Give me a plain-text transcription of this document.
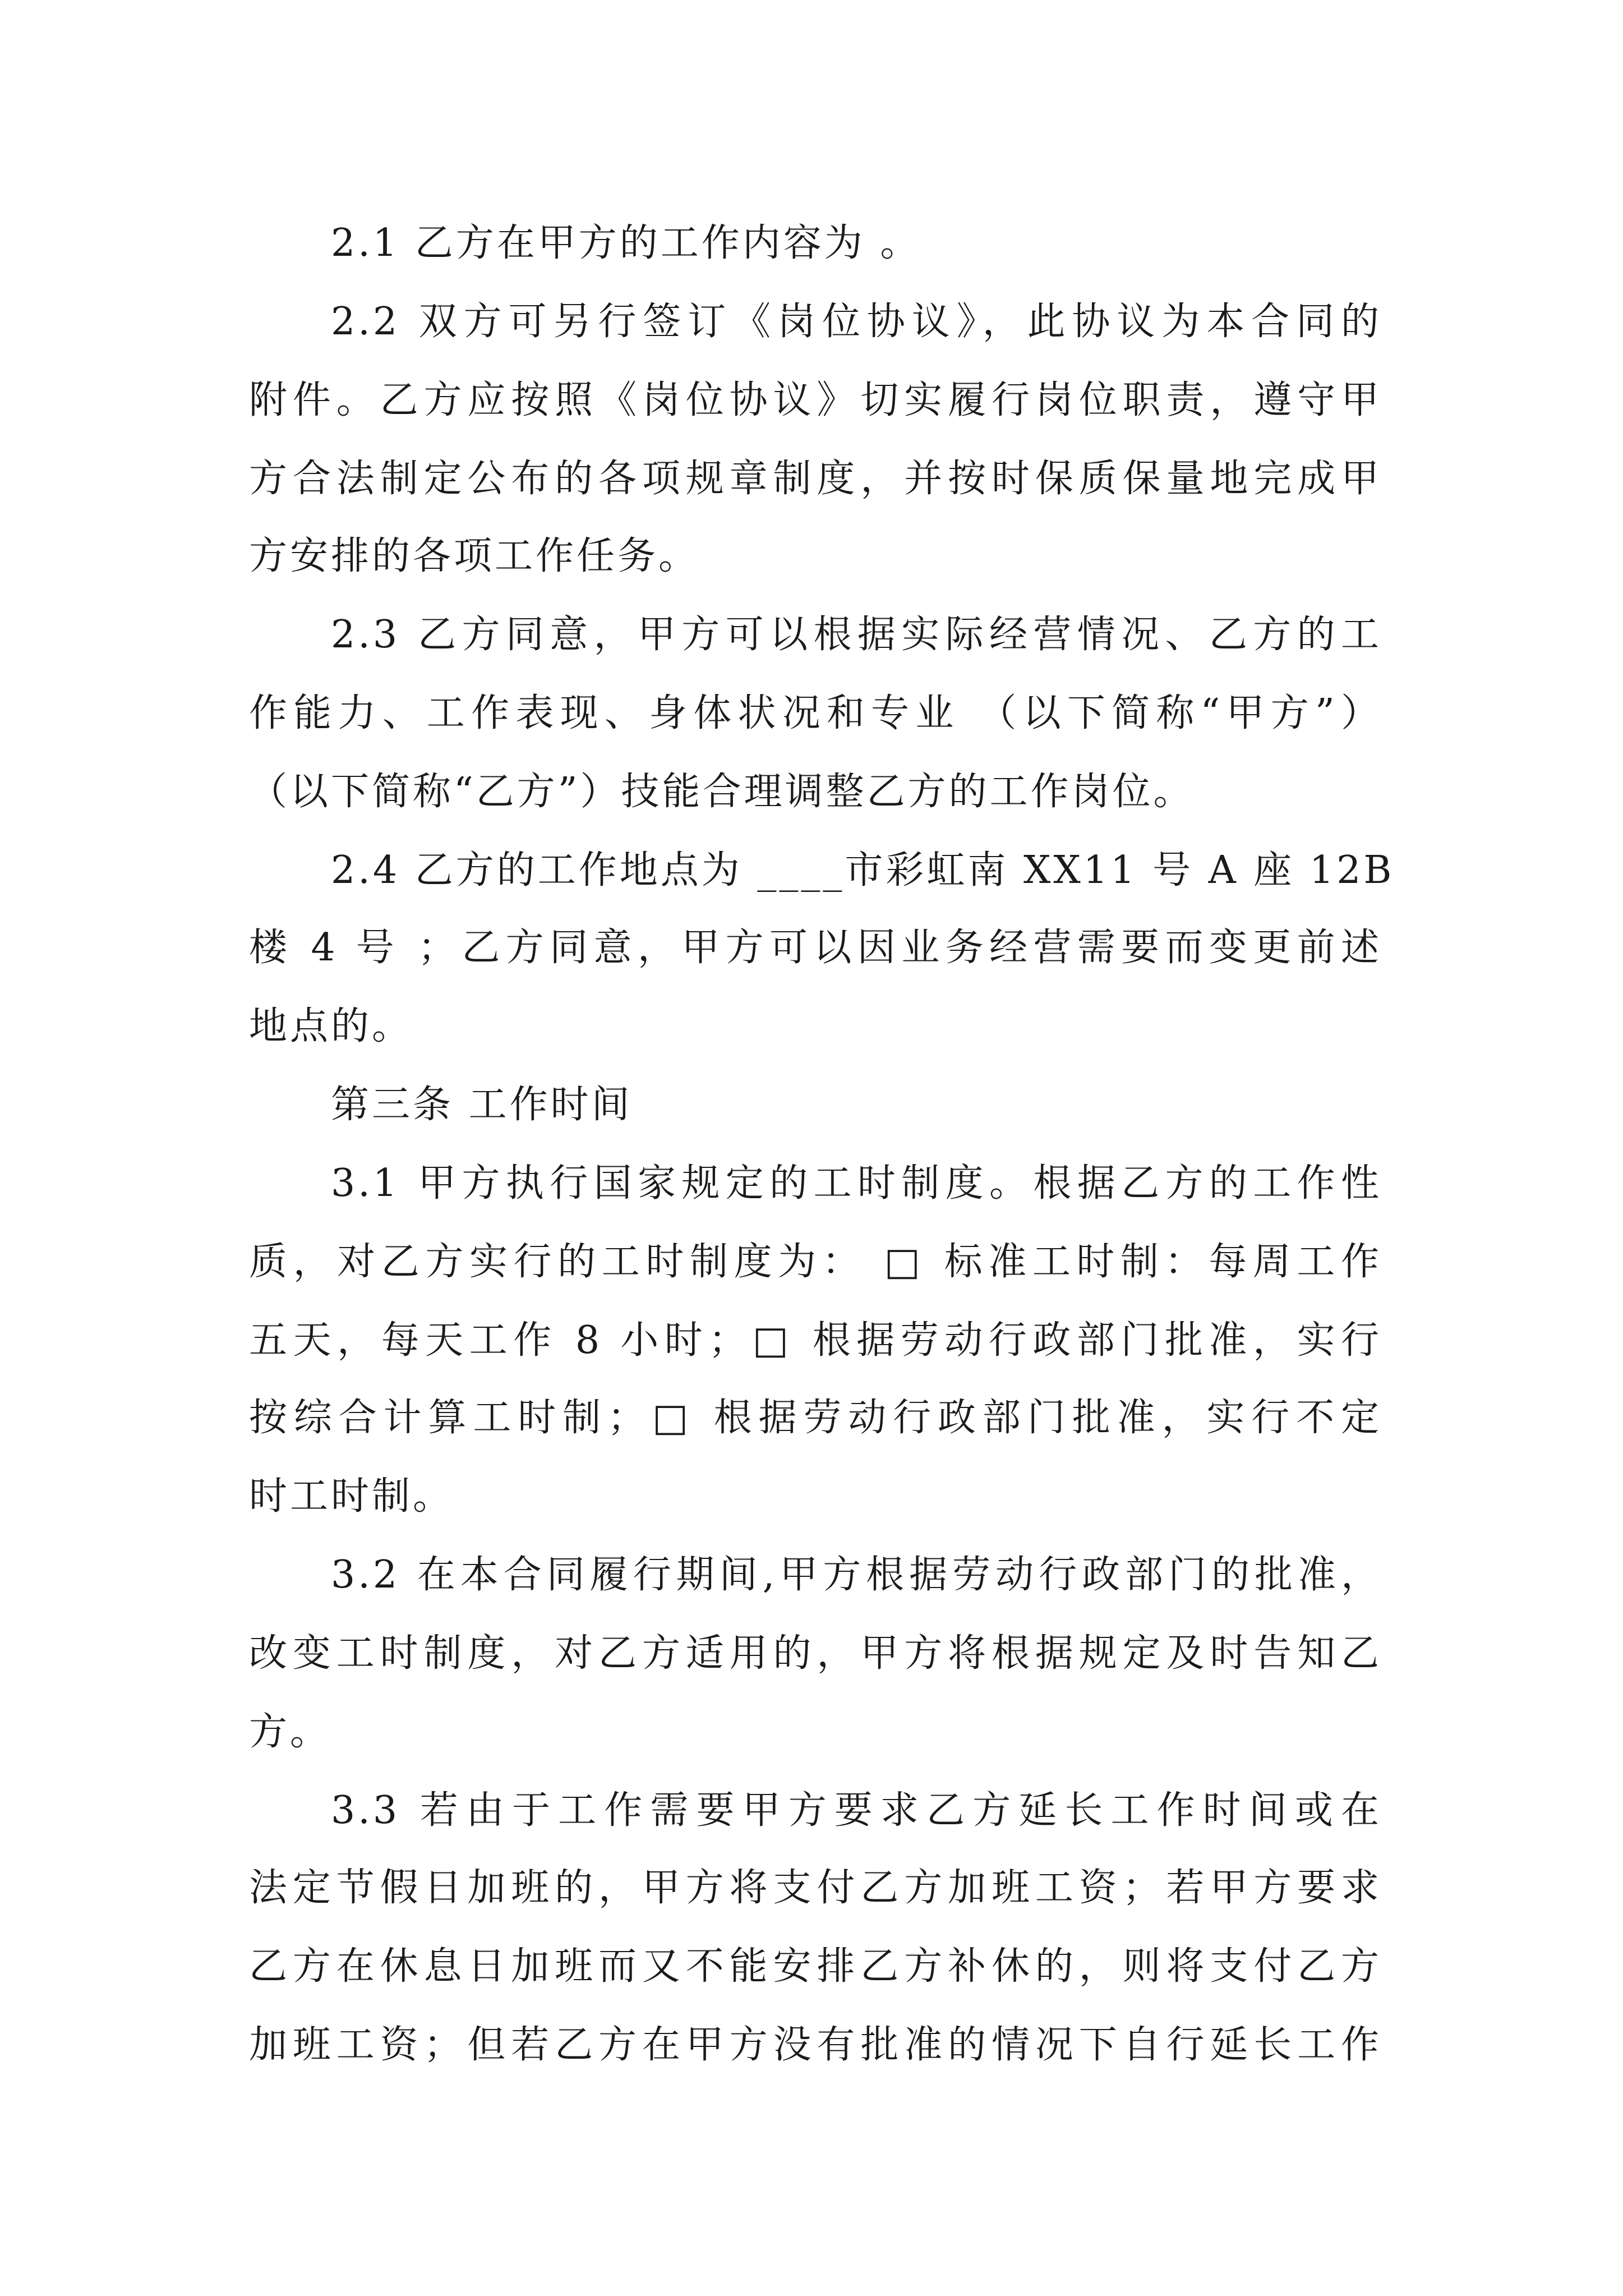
2.1 乙方在甲方的工作内容为 。
2.2 双方可另行签订《岗位协议》，此协议为本合同的
附件。乙方应按照《岗位协议》切实履行岗位职责，遵守甲
方合法制定公布的各项规章制度，并按时保质保量地完成甲
方安排的各项工作任务。
2.3 乙方同意，甲方可以根据实际经营情况、乙方的工
作能力、工作表现、身体状况和专业 （以下简称“甲方”）
（以下简称“乙方”）技能合理调整乙方的工作岗位。
2.4 乙方的工作地点为 ____市彩虹南 XX11 号 A 座 12B
楼 4 号 ；乙方同意，甲方可以因业务经营需要而变更前述
地点的。
第三条 工作时间
3.1 甲方执行国家规定的工时制度。根据乙方的工作性
质，对乙方实行的工时制度为： □ 标准工时制：每周工作
五天，每天工作 8 小时；□ 根据劳动行政部门批准，实行
按综合计算工时制；□ 根据劳动行政部门批准，实行不定
时工时制。
3.2 在本合同履行期间,甲方根据劳动行政部门的批准，
改变工时制度，对乙方适用的，甲方将根据规定及时告知乙
方。
3.3 若由于工作需要甲方要求乙方延长工作时间或在
法定节假日加班的，甲方将支付乙方加班工资；若甲方要求
乙方在休息日加班而又不能安排乙方补休的，则将支付乙方
加班工资；但若乙方在甲方没有批准的情况下自行延长工作
